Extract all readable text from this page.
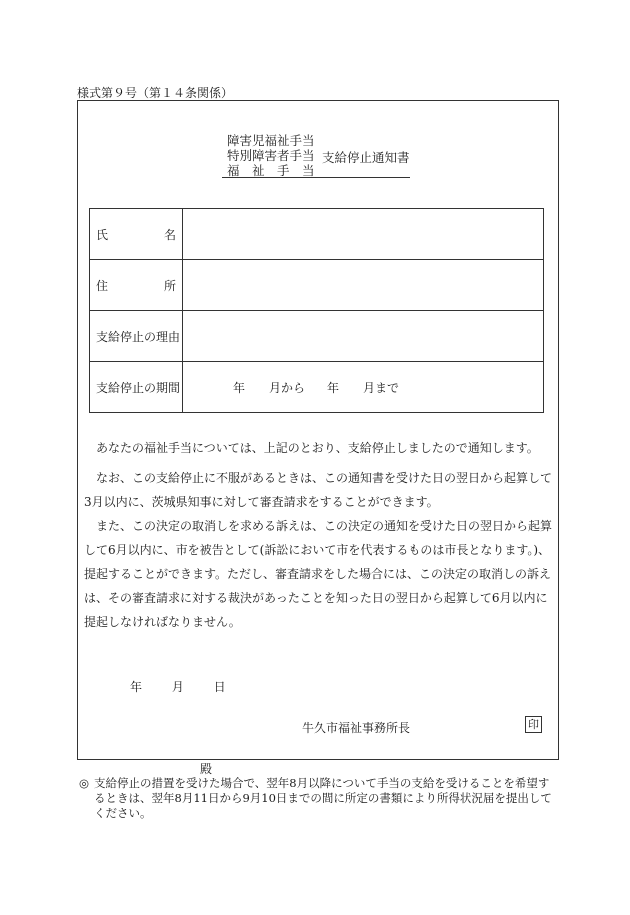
様式第９号（第１４条関係）
障害児福祉手当
特別障害者手当
福　祉　手　当
支給停止通知書
氏 名	

住 所	

支給停止の理由	

支給停止の期間	年 月から 年 月まで

あなたの福祉手当については、上記のとおり、支給停止しましたので通知します。

なお、この支給停止に不服があるときは、この通知書を受けた日の翌日から起算して3月以内に、茨城県知事に対して審査請求をすることができます。

また、この決定の取消しを求める訴えは、この決定の通知を受けた日の翌日から起算して6月以内に、市を被告として(訴訟において市を代表するものは市長となります。)、提起することができます。ただし、審査請求をした場合には、この決定の取消しの訴えは、その審査請求に対する裁決があったことを知った日の翌日から起算して6月以内に提起しなければなりません。

年 月 日
牛久市福祉事務所長	印
殿
◎ 支給停止の措置を受けた場合で、翌年8月以降について手当の支給を受けることを希望するときは、翌年8月11日から9月10日までの間に所定の書類により所得状況届を提出してください。
